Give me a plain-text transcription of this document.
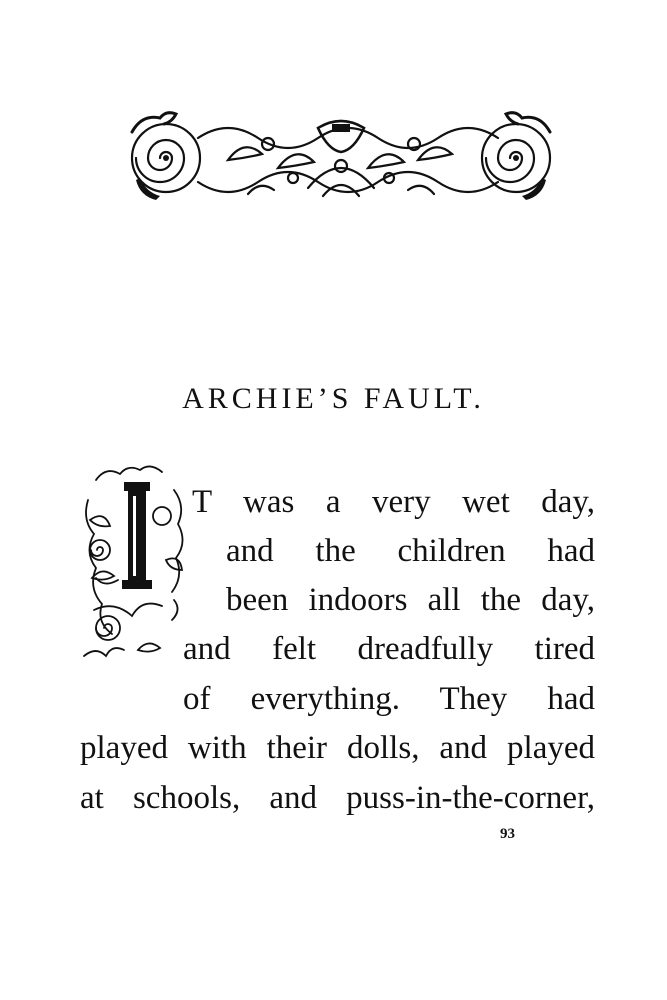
ARCHIE’S FAULT.
I
T was a very wet day,
and the children had
been indoors all the day,
and felt dreadfully tired
of everything. They had
played with their dolls, and played
at schools, and puss-in-the-corner,
93
